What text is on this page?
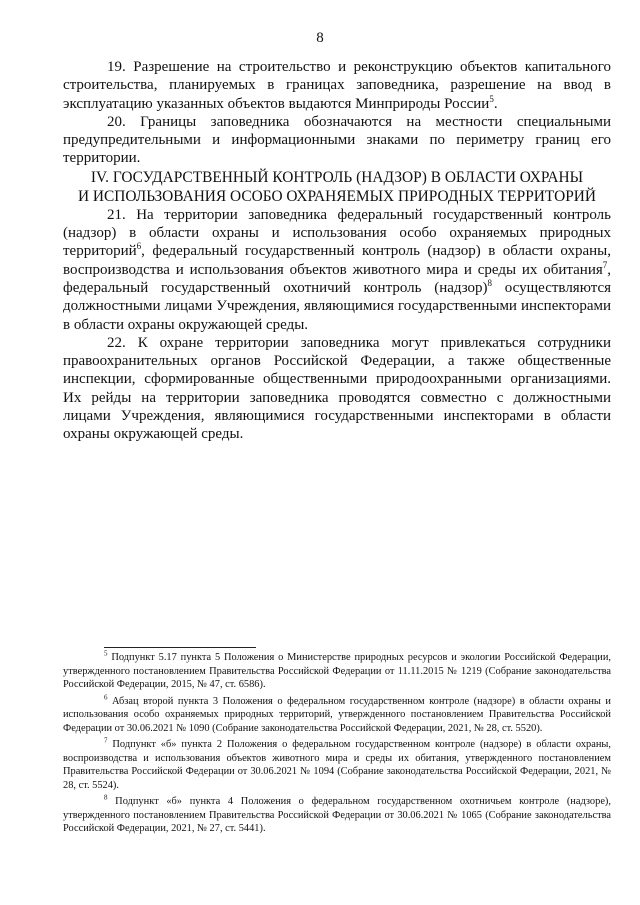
8

19. Разрешение на строительство и реконструкцию объектов капитального строительства, планируемых в границах заповедника, разрешение на ввод в эксплуатацию указанных объектов выдаются Минприроды России$^5$.

20. Границы заповедника обозначаются на местности специальными предупредительными и информационными знаками по периметру границ его территории.

IV. ГОСУДАРСТВЕННЫЙ КОНТРОЛЬ (НАДЗОР) В ОБЛАСТИ ОХРАНЫ
И ИСПОЛЬЗОВАНИЯ ОСОБО ОХРАНЯЕМЫХ ПРИРОДНЫХ ТЕРРИТОРИЙ

21. На территории заповедника федеральный государственный контроль (надзор) в области охраны и использования особо охраняемых природных территорий$^6$, федеральный государственный контроль (надзор) в области охраны, воспроизводства и использования объектов животного мира и среды их обитания$^7$, федеральный государственный охотничий контроль (надзор)$^8$ осуществляются должностными лицами Учреждения, являющимися государственными инспекторами в области охраны окружающей среды.

22. К охране территории заповедника могут привлекаться сотрудники правоохранительных органов Российской Федерации, а также общественные инспекции, сформированные общественными природоохранными организациями. Их рейды на территории заповедника проводятся совместно с должностными лицами Учреждения, являющимися государственными инспекторами в области охраны окружающей среды.

$^5$ Подпункт 5.17 пункта 5 Положения о Министерстве природных ресурсов и экологии Российской Федерации, утвержденного постановлением Правительства Российской Федерации от 11.11.2015 № 1219 (Собрание законодательства Российской Федерации, 2015, № 47, ст. 6586).

$^6$ Абзац второй пункта 3 Положения о федеральном государственном контроле (надзоре) в области охраны и использования особо охраняемых природных территорий, утвержденного постановлением Правительства Российской Федерации от 30.06.2021 № 1090 (Собрание законодательства Российской Федерации, 2021, № 28, ст. 5520).

$^7$ Подпункт «б» пункта 2 Положения о федеральном государственном контроле (надзоре) в области охраны, воспроизводства и использования объектов животного мира и среды их обитания, утвержденного постановлением Правительства Российской Федерации от 30.06.2021 № 1094 (Собрание законодательства Российской Федерации, 2021, № 28, ст. 5524).

$^8$ Подпункт «б» пункта 4 Положения о федеральном государственном охотничьем контроле (надзоре), утвержденного постановлением Правительства Российской Федерации от 30.06.2021 № 1065 (Собрание законодательства Российской Федерации, 2021, № 27, ст. 5441).
